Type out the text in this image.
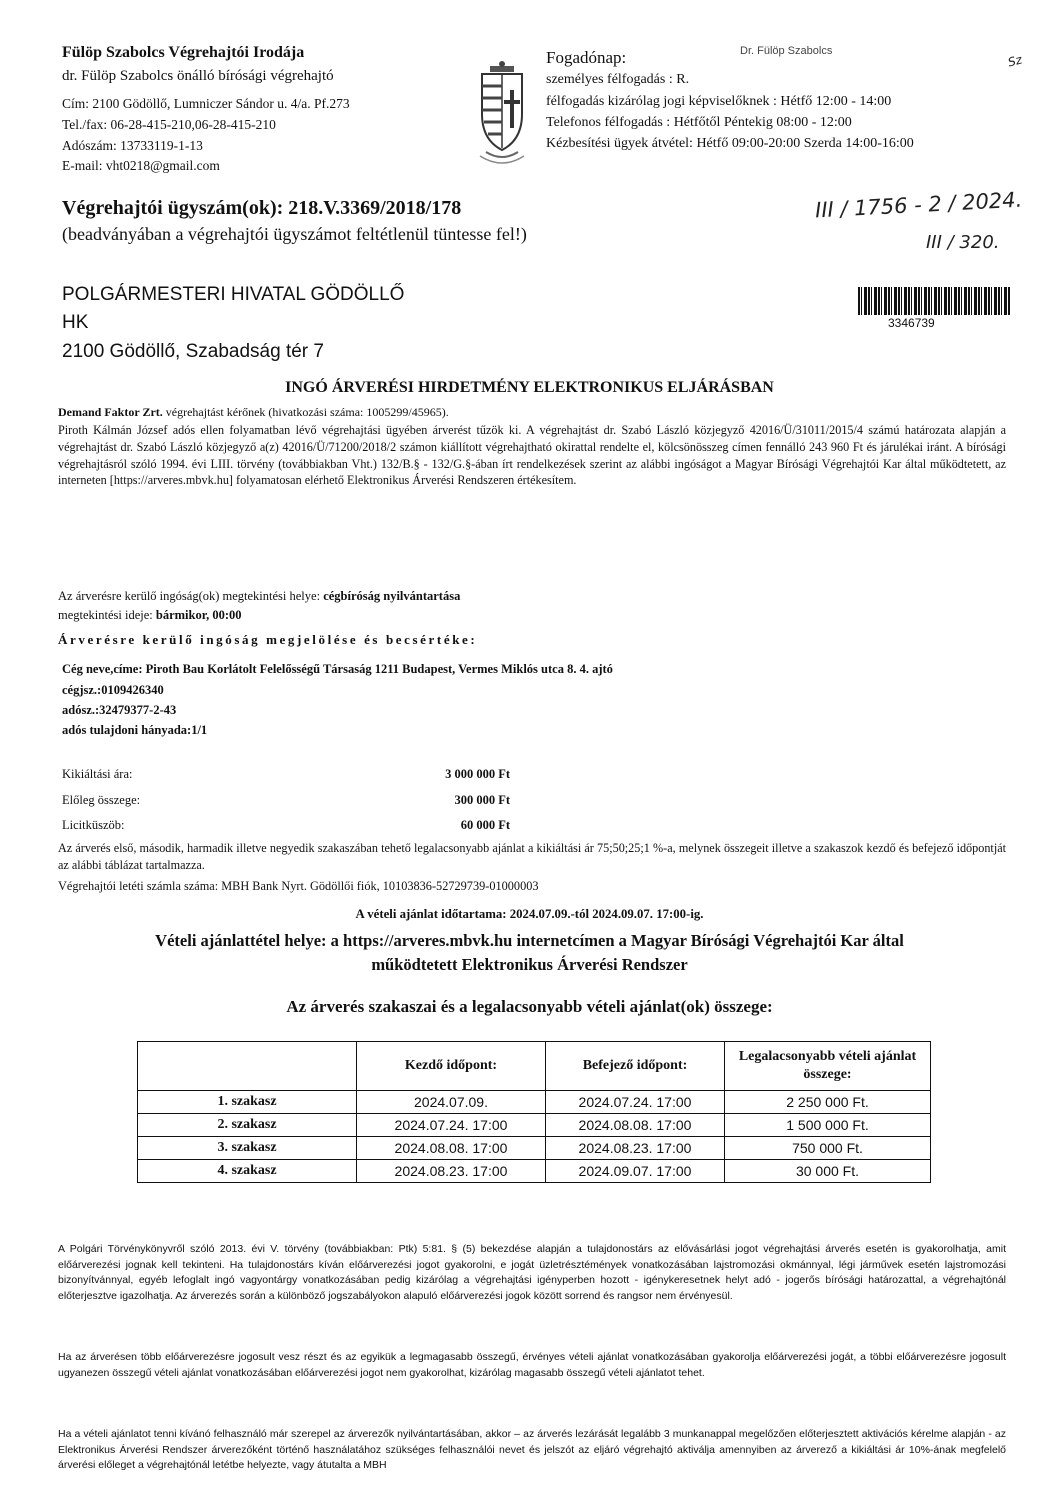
Fülöp Szabolcs Végrehajtói Irodája
dr. Fülöp Szabolcs önálló bírósági végrehajtó
Cím: 2100 Gödöllő, Lumniczer Sándor u. 4/a. Pf.273
Tel./fax: 06-28-415-210,06-28-415-210
Adószám: 13733119-1-13
E-mail: vht0218@gmail.com
Fogadónap:
személyes félfogadás : R.
félfogadás kizárólag jogi képviselőknek : Hétfő 12:00 - 14:00
Telefonos félfogadás : Hétfőtől Péntekig 08:00 - 12:00
Kézbesítési ügyek átvétel: Hétfő 09:00-20:00 Szerda 14:00-16:00
Dr. Fülöp Szabolcs
Sz
Végrehajtói ügyszám(ok): 218.V.3369/2018/178
(beadványában a végrehajtói ügyszámot feltétlenül tüntesse fel!)
III / 1756 - 2 / 2024.
III / 320.
POLGÁRMESTERI HIVATAL GÖDÖLLŐ
HK
2100 Gödöllő, Szabadság tér 7
3346739
INGÓ ÁRVERÉSI HIRDETMÉNY ELEKTRONIKUS ELJÁRÁSBAN
Demand Faktor Zrt. végrehajtást kérőnek (hivatkozási száma: 1005299/45965).
Piroth Kálmán József adós ellen folyamatban lévő végrehajtási ügyében árverést tűzök ki. A végrehajtást dr. Szabó László közjegyző 42016/Ü/31011/2015/4 számú határozata alapján a végrehajtást dr. Szabó László közjegyző a(z) 42016/Ü/71200/2018/2 számon kiállított végrehajtható okirattal rendelte el, kölcsönösszeg címen fennálló 243 960 Ft és járulékai iránt. A bírósági végrehajtásról szóló 1994. évi LIII. törvény (továbbiakban Vht.) 132/B.§ - 132/G.§-ában írt rendelkezések szerint az alábbi ingóságot a Magyar Bírósági Végrehajtói Kar által működtetett, az interneten [https://arveres.mbvk.hu] folyamatosan elérhető Elektronikus Árverési Rendszeren értékesítem.
Az árverésre kerülő ingóság(ok) megtekintési helye: cégbíróság nyilvántartása
megtekintési ideje: bármikor, 00:00
Árverésre kerülő ingóság megjelölése és becsértéke:
Cég neve,címe: Piroth Bau Korlátolt Felelősségű Társaság 1211 Budapest, Vermes Miklós utca 8. 4. ajtó
cégjsz.:0109426340
adósz.:32479377-2-43
adós tulajdoni hányada:1/1
Kikiáltási ára:	3 000 000 Ft
Előleg összege:	300 000 Ft
Licitküszöb:	60 000 Ft
Az árverés első, második, harmadik illetve negyedik szakaszában tehető legalacsonyabb ajánlat a kikiáltási ár 75;50;25;1 %-a, melynek összegeit illetve a szakaszok kezdő és befejező időpontját az alábbi táblázat tartalmazza.
Végrehajtói letéti számla száma: MBH Bank Nyrt. Gödöllői fiók, 10103836-52729739-01000003
A vételi ajánlat időtartama: 2024.07.09.-tól 2024.09.07. 17:00-ig.
Vételi ajánlattétel helye: a https://arveres.mbvk.hu internetcímen a Magyar Bírósági Végrehajtói Kar által
működtetett Elektronikus Árverési Rendszer
Az árverés szakaszai és a legalacsonyabb vételi ajánlat(ok) összege:
	Kezdő időpont:	Befejező időpont:	Legalacsonyabb vételi ajánlat összege:
1. szakasz	2024.07.09.	2024.07.24. 17:00	2 250 000 Ft.
2. szakasz	2024.07.24. 17:00	2024.08.08. 17:00	1 500 000 Ft.
3. szakasz	2024.08.08. 17:00	2024.08.23. 17:00	750 000 Ft.
4. szakasz	2024.08.23. 17:00	2024.09.07. 17:00	30 000 Ft.
A Polgári Törvénykönyvről szóló 2013. évi V. törvény (továbbiakban: Ptk) 5:81. § (5) bekezdése alapján a tulajdonostárs az elővásárlási jogot végrehajtási árverés esetén is gyakorolhatja, amit előárverezési jognak kell tekinteni. Ha tulajdonostárs kíván előárverezési jogot gyakorolni, e jogát üzletrésztémények vonatkozásában lajstromozási okmánnyal, légi járművek esetén lajstromozási bizonyítvánnyal, egyéb lefoglalt ingó vagyontárgy vonatkozásában pedig kizárólag a végrehajtási igényperben hozott - igénykeresetnek helyt adó - jogerős bírósági határozattal, a végrehajtónál előterjesztve igazolhatja. Az árverezés során a különböző jogszabályokon alapuló előárverezési jogok között sorrend és rangsor nem érvényesül.
Ha az árverésen több előárverezésre jogosult vesz részt és az egyikük a legmagasabb összegű, érvényes vételi ajánlat vonatkozásában gyakorolja előárverezési jogát, a többi előárverezésre jogosult ugyanezen összegű vételi ajánlat vonatkozásában előárverezési jogot nem gyakorolhat, kizárólag magasabb összegű vételi ajánlatot tehet.
Ha a vételi ajánlatot tenni kívánó felhasználó már szerepel az árverezők nyilvántartásában, akkor – az árverés lezárását legalább 3 munkanappal megelőzően előterjesztett aktivációs kérelme alapján - az Elektronikus Árverési Rendszer árverezőként történő használatához szükséges felhasználói nevet és jelszót az eljáró végrehajtó aktiválja amennyiben az árverező a kikiáltási ár 10%-ának megfelelő árverési előleget a végrehajtónál letétbe helyezte, vagy átutalta a MBH
